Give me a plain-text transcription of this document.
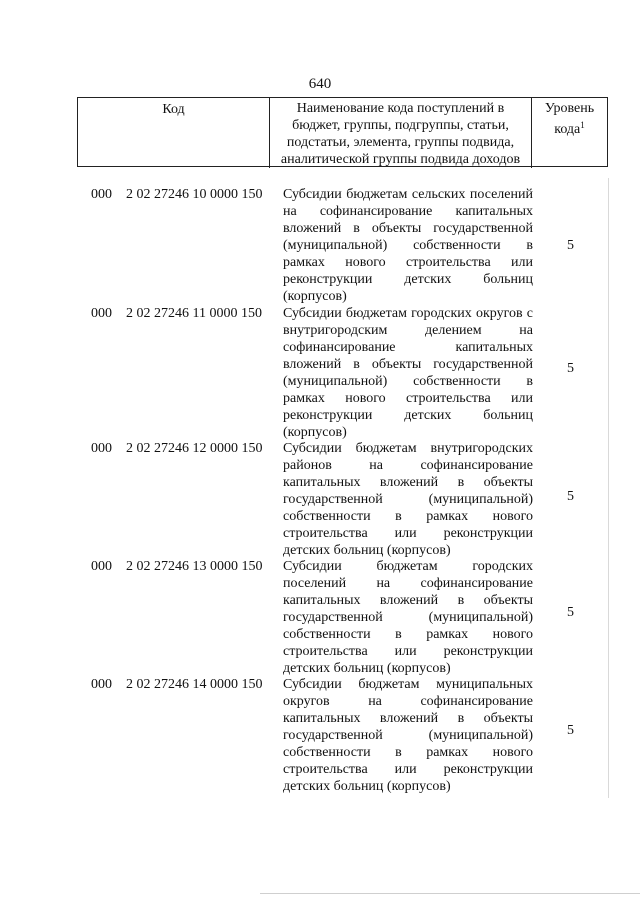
640
Код	Наименование кода поступлений в бюджет, группы, подгруппы, статьи, подстатьи, элемента, группы подвида, аналитической группы подвида доходов
Уровень кода$^1$
000 2 02 27246 10 0000 150 Субсидии бюджетам сельских поселений на софинансирование капитальных вложений в объекты государственной (муниципальной) собственности в рамках нового строительства или реконструкции детских больниц (корпусов)
5
000 2 02 27246 11 0000 150 Субсидии бюджетам городских округов с внутригородским делением на софинансирование капитальных вложений в объекты государственной (муниципальной) собственности в рамках нового строительства или реконструкции детских больниц (корпусов)
5
000 2 02 27246 12 0000 150 Субсидии бюджетам внутригородских районов на софинансирование капитальных вложений в объекты государственной (муниципальной) собственности в рамках нового строительства или реконструкции детских больниц (корпусов)
5
000 2 02 27246 13 0000 150 Субсидии бюджетам городских поселений на софинансирование капитальных вложений в объекты государственной (муниципальной) собственности в рамках нового строительства или реконструкции детских больниц (корпусов)
5
000 2 02 27246 14 0000 150 Субсидии бюджетам муниципальных округов на софинансирование капитальных вложений в объекты государственной (муниципальной) собственности в рамках нового строительства или реконструкции детских больниц (корпусов)
5
